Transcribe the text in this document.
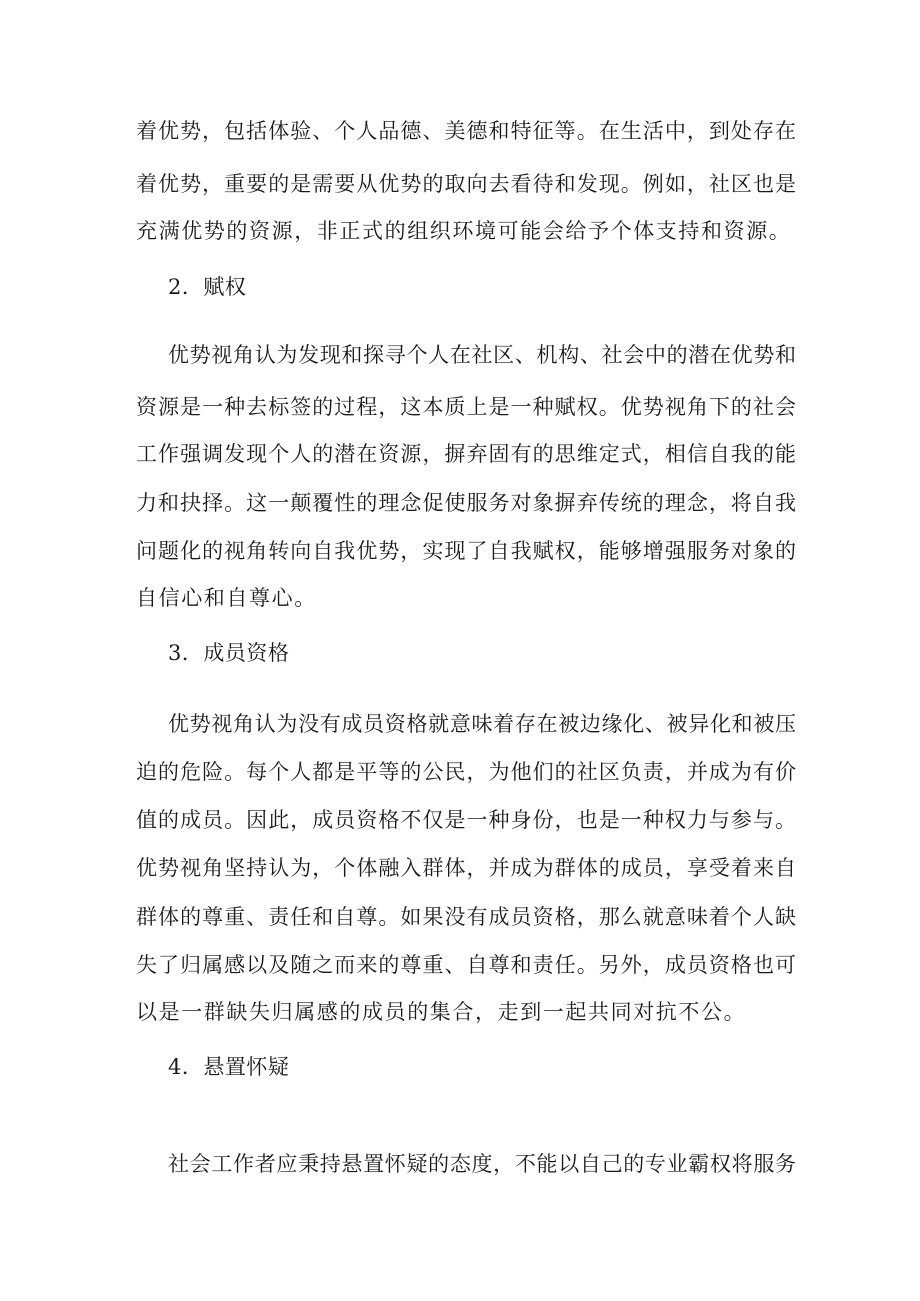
着优势，包括体验、个人品德、美德和特征等。在生活中，到处存在
着优势，重要的是需要从优势的取向去看待和发现。例如，社区也是
充满优势的资源，非正式的组织环境可能会给予个体支持和资源。
2．赋权
优势视角认为发现和探寻个人在社区、机构、社会中的潜在优势和
资源是一种去标签的过程，这本质上是一种赋权。优势视角下的社会
工作强调发现个人的潜在资源，摒弃固有的思维定式，相信自我的能
力和抉择。这一颠覆性的理念促使服务对象摒弃传统的理念，将自我
问题化的视角转向自我优势，实现了自我赋权，能够增强服务对象的
自信心和自尊心。
3．成员资格
优势视角认为没有成员资格就意味着存在被边缘化、被异化和被压
迫的危险。每个人都是平等的公民，为他们的社区负责，并成为有价
值的成员。因此，成员资格不仅是一种身份，也是一种权力与参与。
优势视角坚持认为，个体融入群体，并成为群体的成员，享受着来自
群体的尊重、责任和自尊。如果没有成员资格，那么就意味着个人缺
失了归属感以及随之而来的尊重、自尊和责任。另外，成员资格也可
以是一群缺失归属感的成员的集合，走到一起共同对抗不公。
4．悬置怀疑
社会工作者应秉持悬置怀疑的态度，不能以自己的专业霸权将服务
